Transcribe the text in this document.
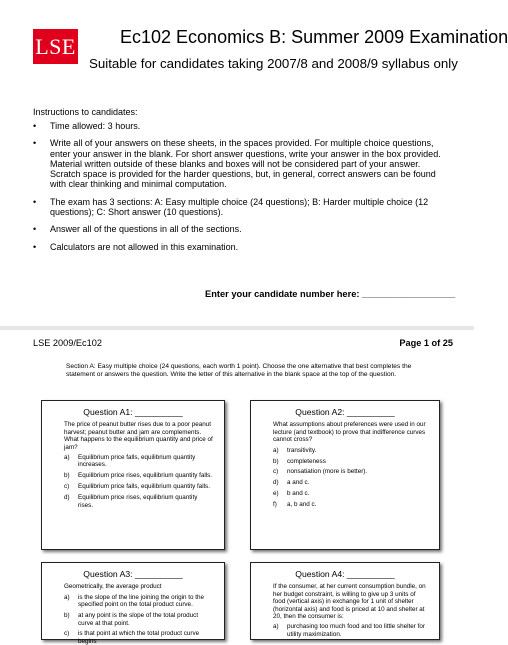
LSE Ec102 Economics B: Summer 2009 Examination
Suitable for candidates taking 2007/8 and 2008/9 syllabus only
Instructions to candidates:
• Time allowed: 3 hours.
• Write all of your answers on these sheets, in the spaces provided. For multiple choice questions, enter your answer in the blank. For short answer questions, write your answer in the box provided. Material written outside of these blanks and boxes will not be considered part of your answer. Scratch space is provided for the harder questions, but, in general, correct answers can be found with clear thinking and minimal computation.
• The exam has 3 sections: A: Easy multiple choice (24 questions); B: Harder multiple choice (12 questions); C: Short answer (10 questions).
• Answer all of the questions in all of the sections.
• Calculators are not allowed in this examination.
Enter your candidate number here: __________________
LSE 2009/Ec102	Page 1 of 25
Section A: Easy multiple choice (24 questions, each worth 1 point). Choose the one alternative that best completes the statement or answers the question. Write the letter of this alternative in the blank space at the top of the question.
Question A1: __________
The price of peanut butter rises due to a poor peanut harvest; peanut butter and jam are complements. What happens to the equilibrium quantity and price of jam?
a) Equilibrium price falls, equilibrium quantity increases.
b) Equilibrium price rises, equilibrium quantity falls.
c) Equilibrium price falls, equilibrium quantity falls.
d) Equilibrium price rises, equilibrium quantity rises.
Question A2: __________
What assumptions about preferences were used in our lecture (and textbook) to prove that indifference curves cannot cross?
a) transitivity.
b) completeness
c) nonsatiation (more is better).
d) a and c.
e) b and c.
f) a, b and c.
Question A3: __________
Geometrically, the average product
a) is the slope of the line joining the origin to the specified point on the total product curve.
b) at any point is the slope of the total product curve at that point.
c) is that point at which the total product curve begins
Question A4: __________
If the consumer, at her current consumption bundle, on her budget constraint, is willing to give up 3 units of food (vertical axis) in exchange for 1 unit of shelter (horizontal axis) and food is priced at 10 and shelter at 20, then the consumer is:
a) purchasing too much food and too little shelter for utility maximization.
